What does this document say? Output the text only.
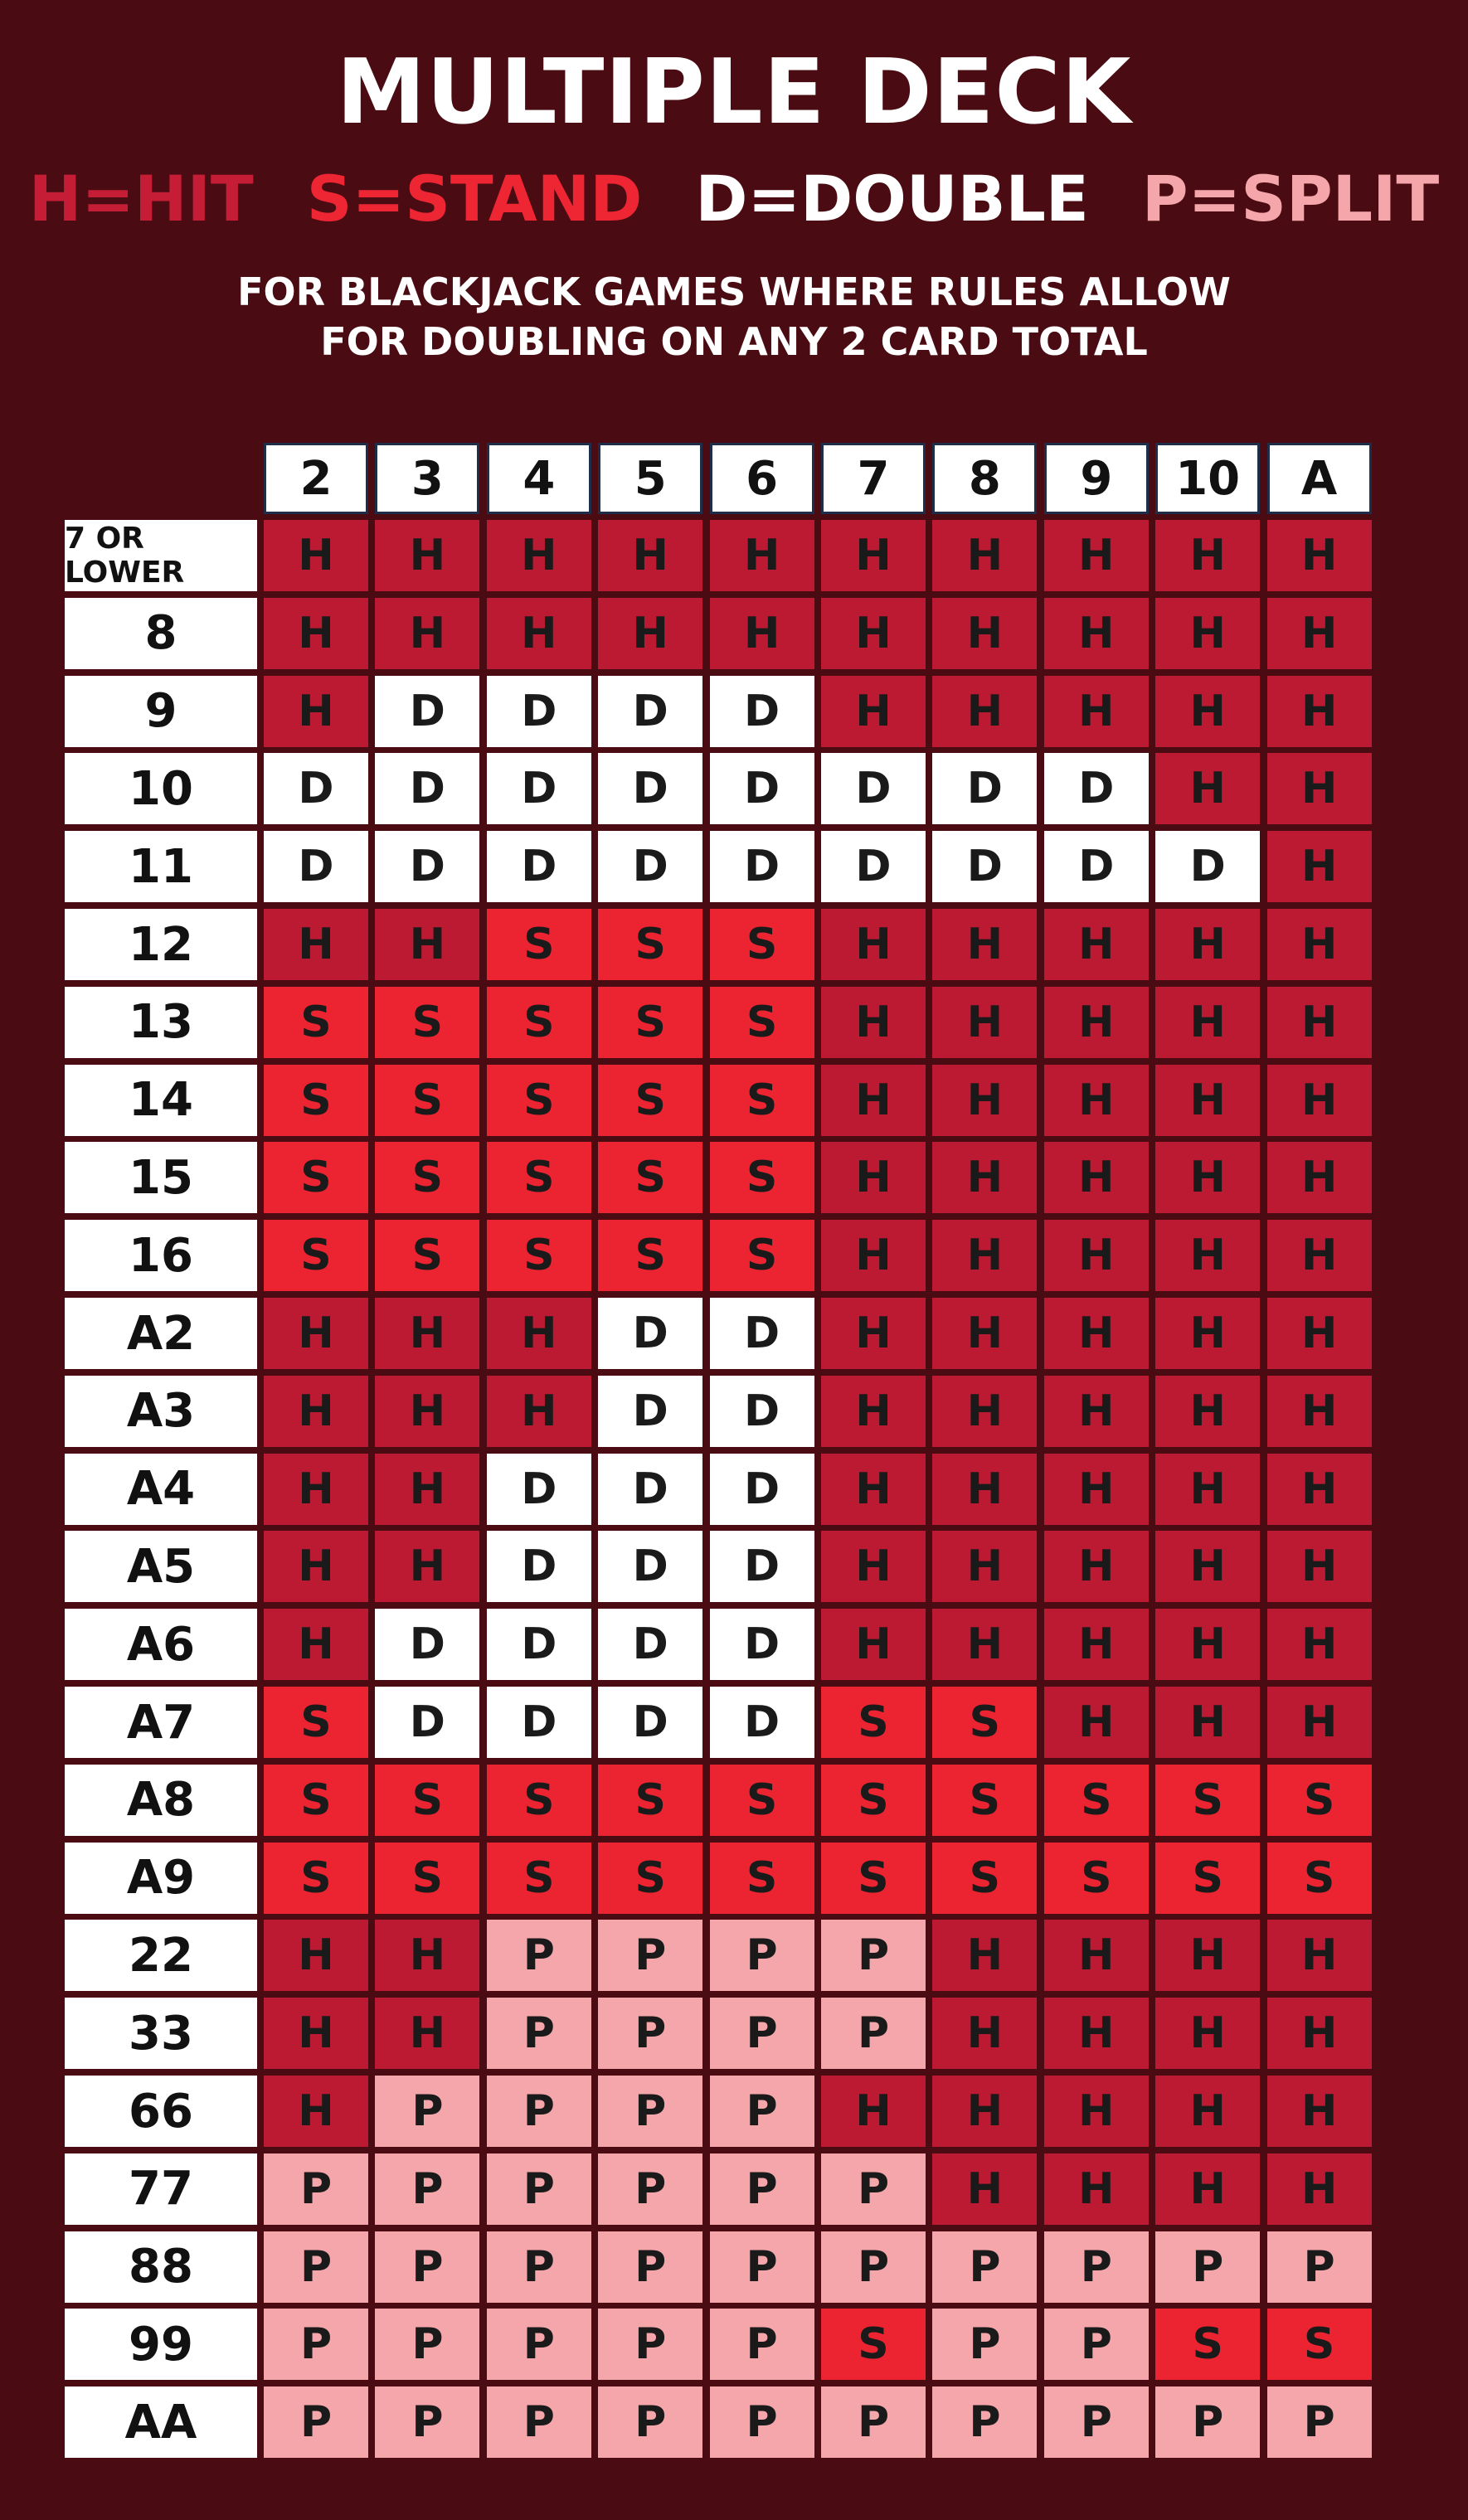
MULTIPLE DECK
H=HIT S=STAND D=DOUBLE P=SPLIT
FOR BLACKJACK GAMES WHERE RULES ALLOW
FOR DOUBLING ON ANY 2 CARD TOTAL
2	3	4	5	6	7	8	9	10	A
7 OR LOWER	H	H	H	H	H	H	H	H	H	H
8	H	H	H	H	H	H	H	H	H	H
9	H	D	D	D	D	H	H	H	H	H
10	D	D	D	D	D	D	D	D	H	H
11	D	D	D	D	D	D	D	D	D	H
12	H	H	S	S	S	H	H	H	H	H
13	S	S	S	S	S	H	H	H	H	H
14	S	S	S	S	S	H	H	H	H	H
15	S	S	S	S	S	H	H	H	H	H
16	S	S	S	S	S	H	H	H	H	H
A2	H	H	H	D	D	H	H	H	H	H
A3	H	H	H	D	D	H	H	H	H	H
A4	H	H	D	D	D	H	H	H	H	H
A5	H	H	D	D	D	H	H	H	H	H
A6	H	D	D	D	D	H	H	H	H	H
A7	S	D	D	D	D	S	S	H	H	H
A8	S	S	S	S	S	S	S	S	S	S
A9	S	S	S	S	S	S	S	S	S	S
22	H	H	P	P	P	P	H	H	H	H
33	H	H	P	P	P	P	H	H	H	H
66	H	P	P	P	P	H	H	H	H	H
77	P	P	P	P	P	P	H	H	H	H
88	P	P	P	P	P	P	P	P	P	P
99	P	P	P	P	P	S	P	P	S	S
AA	P	P	P	P	P	P	P	P	P	P
